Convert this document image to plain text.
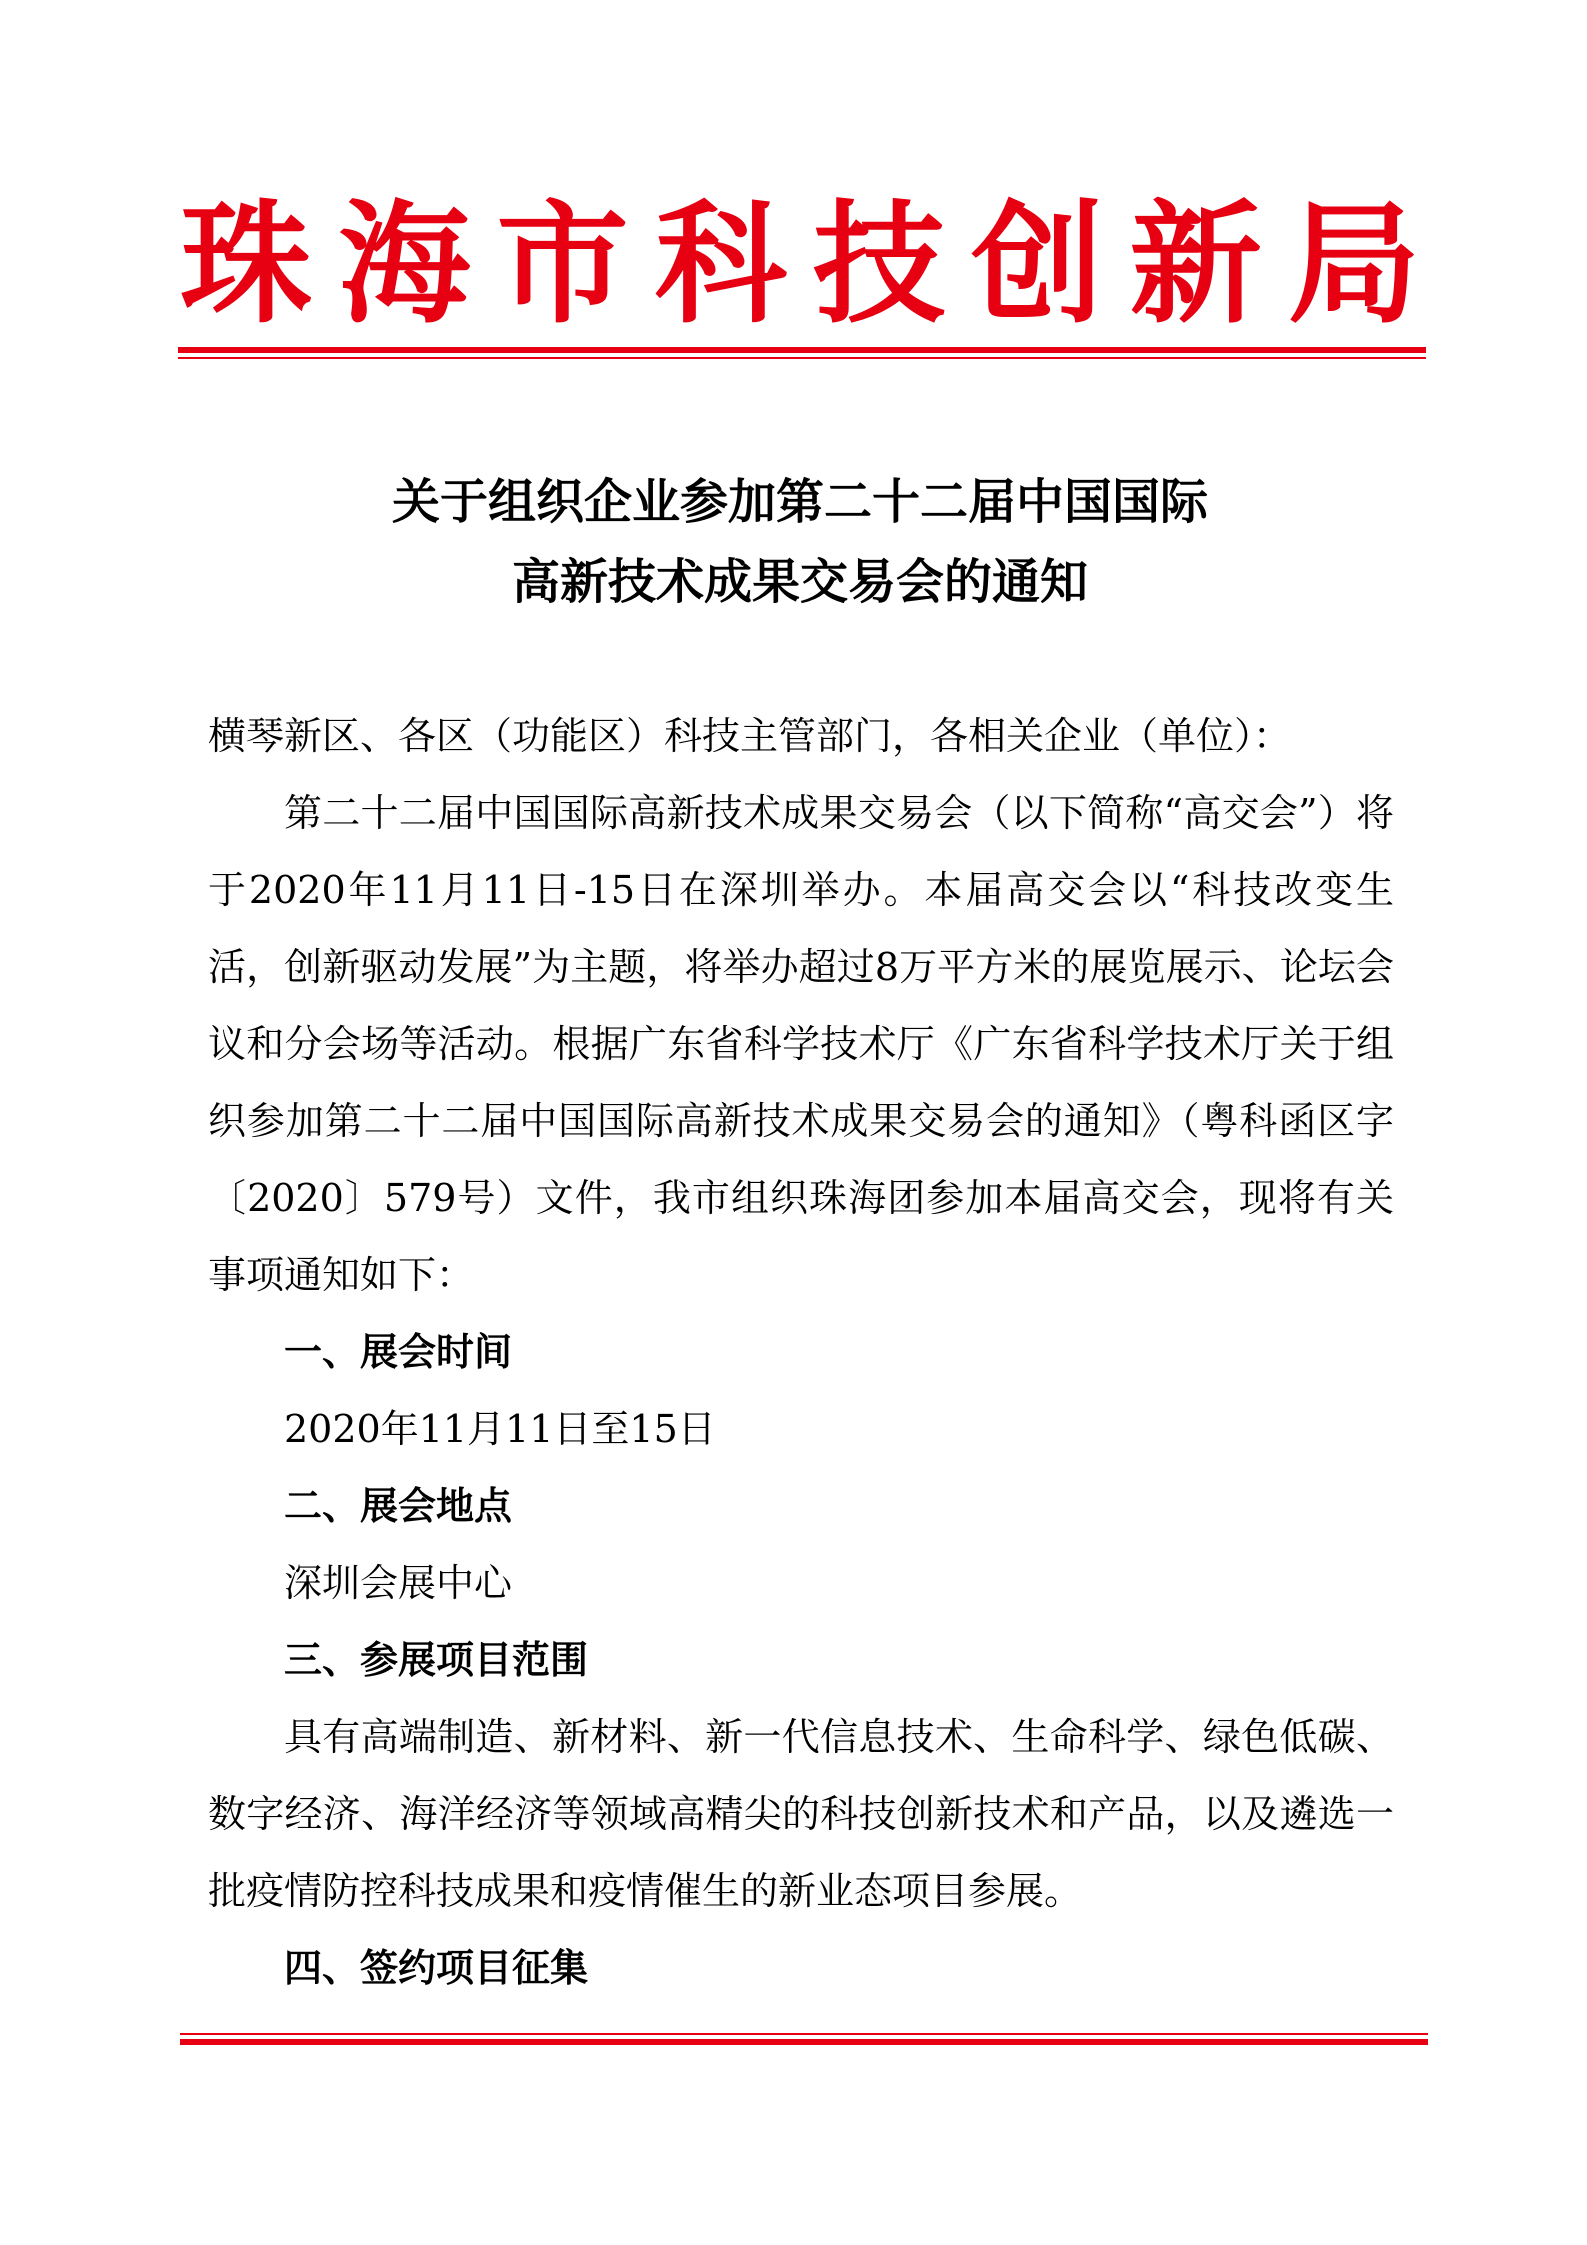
珠 海 市 科 技 创 新 局
关于组织企业参加第二十二届中国国际
高新技术成果交易会的通知

横琴新区、各区（功能区）科技主管部门，各相关企业（单位）：

第二十二届中国国际高新技术成果交易会（以下简称“高交会”）将于2020年11月11日-15日在深圳举办。本届高交会以“科技改变生活，创新驱动发展”为主题，将举办超过8万平方米的展览展示、论坛会议和分会场等活动。根据广东省科学技术厅《广东省科学技术厅关于组织参加第二十二届中国国际高新技术成果交易会的通知》（粤科函区字〔2020〕579号）文件，我市组织珠海团参加本届高交会，现将有关事项通知如下：

一、展会时间

2020年11月11日至15日

二、展会地点

深圳会展中心

三、参展项目范围

具有高端制造、新材料、新一代信息技术、生命科学、绿色低碳、数字经济、海洋经济等领域高精尖的科技创新技术和产品，以及遴选一批疫情防控科技成果和疫情催生的新业态项目参展。

四、签约项目征集
